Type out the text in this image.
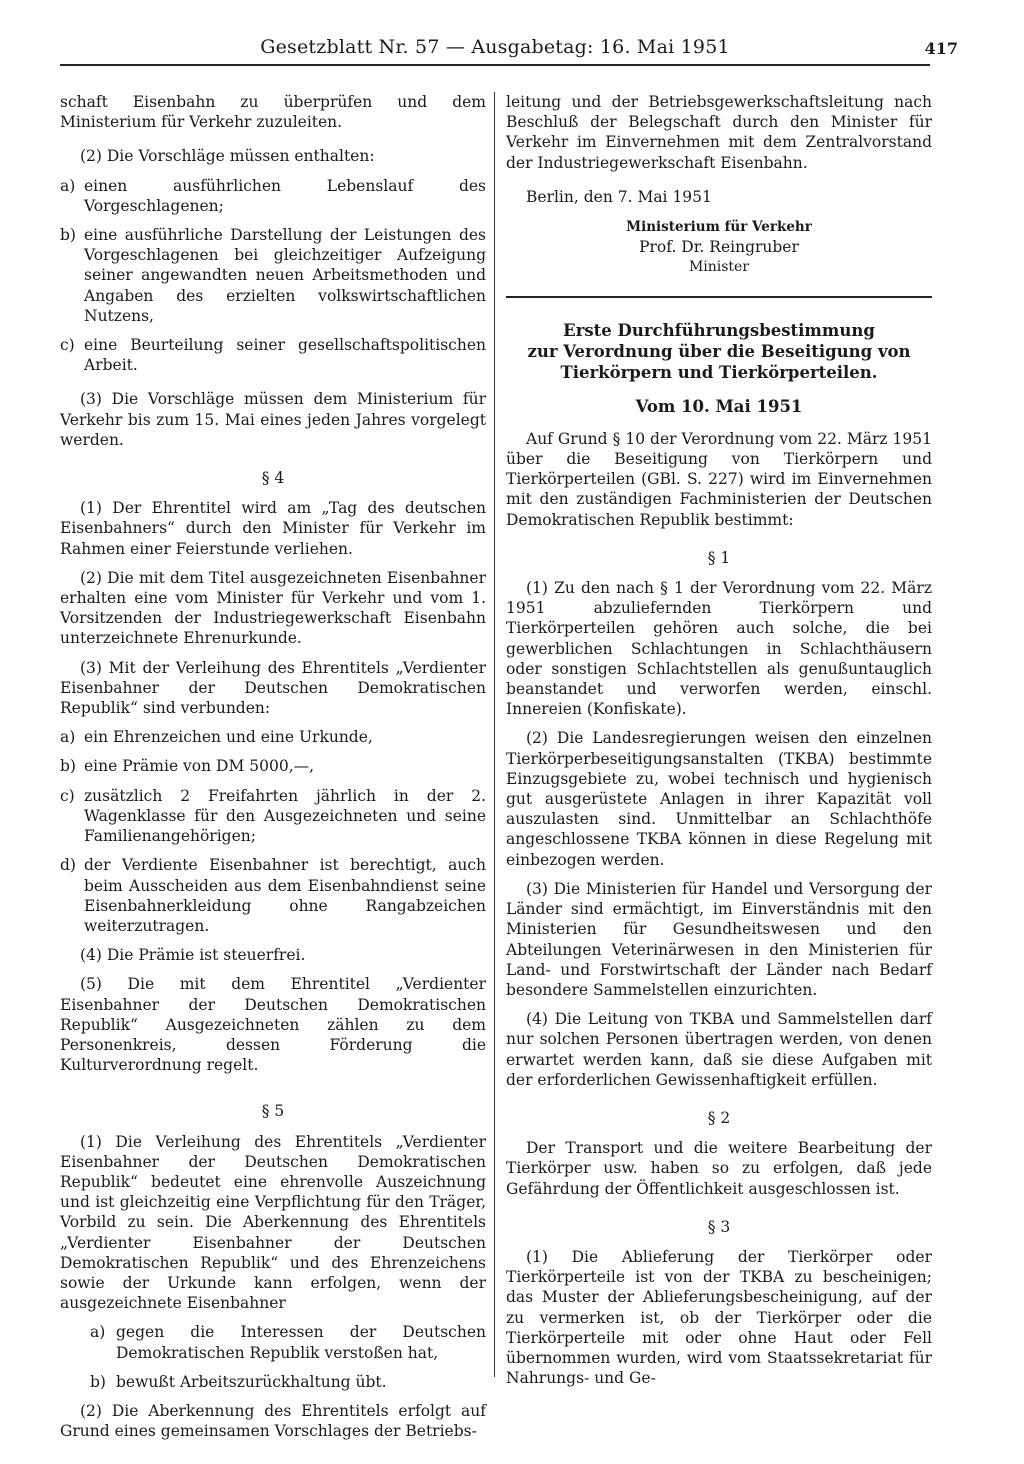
Gesetzblatt Nr. 57 — Ausgabetag: 16. Mai 1951	417

schaft Eisenbahn zu überprüfen und dem Ministerium für Verkehr zuzuleiten.

(2) Die Vorschläge müssen enthalten:

a) einen ausführlichen Lebenslauf des Vorgeschlagenen;
b) eine ausführliche Darstellung der Leistungen des Vorgeschlagenen bei gleichzeitiger Aufzeigung seiner angewandten neuen Arbeitsmethoden und Angaben des erzielten volkswirtschaftlichen Nutzens,
c) eine Beurteilung seiner gesellschaftspolitischen Arbeit.

(3) Die Vorschläge müssen dem Ministerium für Verkehr bis zum 15. Mai eines jeden Jahres vorgelegt werden.

§ 4

(1) Der Ehrentitel wird am „Tag des deutschen Eisenbahners“ durch den Minister für Verkehr im Rahmen einer Feierstunde verliehen.

(2) Die mit dem Titel ausgezeichneten Eisenbahner erhalten eine vom Minister für Verkehr und vom 1. Vorsitzenden der Industriegewerkschaft Eisenbahn unterzeichnete Ehrenurkunde.

(3) Mit der Verleihung des Ehrentitels „Verdienter Eisenbahner der Deutschen Demokratischen Republik“ sind verbunden:

a) ein Ehrenzeichen und eine Urkunde,
b) eine Prämie von DM 5000,—,
c) zusätzlich 2 Freifahrten jährlich in der 2. Wagenklasse für den Ausgezeichneten und seine Familienangehörigen;
d) der Verdiente Eisenbahner ist berechtigt, auch beim Ausscheiden aus dem Eisenbahndienst seine Eisenbahnerkleidung ohne Rangabzeichen weiterzutragen.

(4) Die Prämie ist steuerfrei.

(5) Die mit dem Ehrentitel „Verdienter Eisenbahner der Deutschen Demokratischen Republik“ Ausgezeichneten zählen zu dem Personenkreis, dessen Förderung die Kulturverordnung regelt.

§ 5

(1) Die Verleihung des Ehrentitels „Verdienter Eisenbahner der Deutschen Demokratischen Republik“ bedeutet eine ehrenvolle Auszeichnung und ist gleichzeitig eine Verpflichtung für den Träger, Vorbild zu sein. Die Aberkennung des Ehrentitels „Verdienter Eisenbahner der Deutschen Demokratischen Republik“ und des Ehrenzeichens sowie der Urkunde kann erfolgen, wenn der ausgezeichnete Eisenbahner

a) gegen die Interessen der Deutschen Demokratischen Republik verstoßen hat,
b) bewußt Arbeitszurückhaltung übt.

(2) Die Aberkennung des Ehrentitels erfolgt auf Grund eines gemeinsamen Vorschlages der Betriebs-

leitung und der Betriebsgewerkschaftsleitung nach Beschluß der Belegschaft durch den Minister für Verkehr im Einvernehmen mit dem Zentralvorstand der Industriegewerkschaft Eisenbahn.

Berlin, den 7. Mai 1951

Ministerium für Verkehr

Prof. Dr. Reingruber

Minister

Erste Durchführungsbestimmung

zur Verordnung über die Beseitigung von

Tierkörpern und Tierkörperteilen.

Vom 10. Mai 1951

Auf Grund § 10 der Verordnung vom 22. März 1951 über die Beseitigung von Tierkörpern und Tierkörperteilen (GBl. S. 227) wird im Einvernehmen mit den zuständigen Fachministerien der Deutschen Demokratischen Republik bestimmt:

§ 1

(1) Zu den nach § 1 der Verordnung vom 22. März 1951 abzuliefernden Tierkörpern und Tierkörperteilen gehören auch solche, die bei gewerblichen Schlachtungen in Schlachthäusern oder sonstigen Schlachtstellen als genußuntauglich beanstandet und verworfen werden, einschl. Innereien (Konfiskate).

(2) Die Landesregierungen weisen den einzelnen Tierkörperbeseitigungsanstalten (TKBA) bestimmte Einzugsgebiete zu, wobei technisch und hygienisch gut ausgerüstete Anlagen in ihrer Kapazität voll auszulasten sind. Unmittelbar an Schlachthöfe angeschlossene TKBA können in diese Regelung mit einbezogen werden.

(3) Die Ministerien für Handel und Versorgung der Länder sind ermächtigt, im Einverständnis mit den Ministerien für Gesundheitswesen und den Abteilungen Veterinärwesen in den Ministerien für Land- und Forstwirtschaft der Länder nach Bedarf besondere Sammelstellen einzurichten.

(4) Die Leitung von TKBA und Sammelstellen darf nur solchen Personen übertragen werden, von denen erwartet werden kann, daß sie diese Aufgaben mit der erforderlichen Gewissenhaftigkeit erfüllen.

§ 2

Der Transport und die weitere Bearbeitung der Tierkörper usw. haben so zu erfolgen, daß jede Gefährdung der Öffentlichkeit ausgeschlossen ist.

§ 3

(1) Die Ablieferung der Tierkörper oder Tierkörperteile ist von der TKBA zu bescheinigen; das Muster der Ablieferungsbescheinigung, auf der zu vermerken ist, ob der Tierkörper oder die Tierkörperteile mit oder ohne Haut oder Fell übernommen wurden, wird vom Staatssekretariat für Nahrungs- und Ge-
